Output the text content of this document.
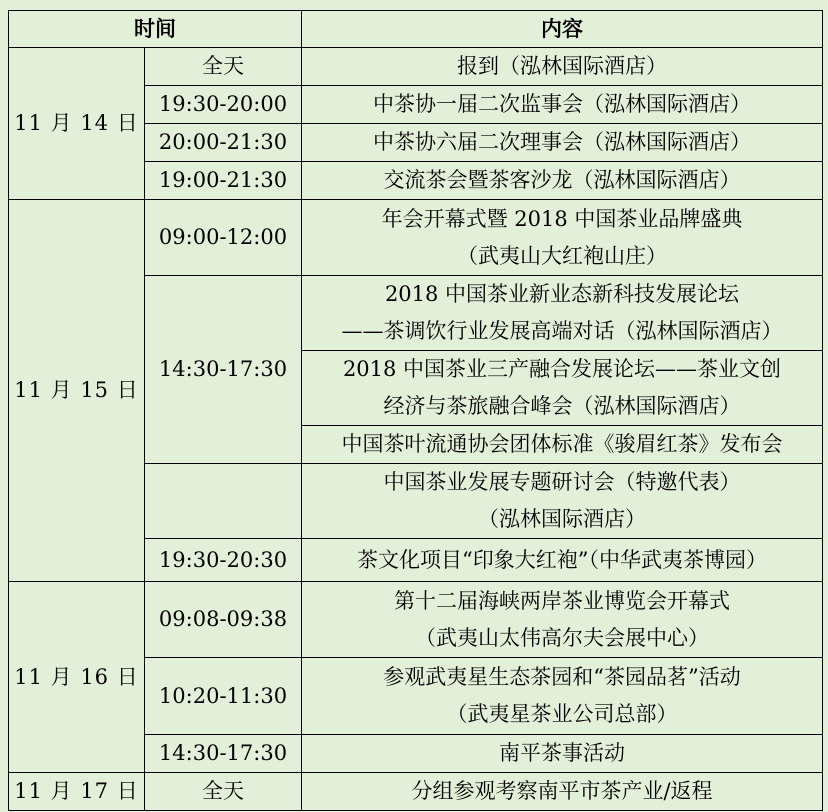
时间		内容
11 月 14 日	全天	报到（泓林国际酒店）

	19:30-20:00	中茶协一届二次监事会（泓林国际酒店）

	20:00-21:30	中茶协六届二次理事会（泓林国际酒店）

	19:00-21:30	交流茶会暨茶客沙龙（泓林国际酒店）

11 月 15 日	09:00-12:00	年会开幕式暨 2018 中国茶业品牌盛典
（武夷山大红袍山庄）

	14:30-17:30	2018 中国茶业新业态新科技发展论坛
——茶调饮行业发展高端对话（泓林国际酒店）

		2018 中国茶业三产融合发展论坛——茶业文创
经济与茶旅融合峰会（泓林国际酒店）

		中国茶叶流通协会团体标准《骏眉红茶》发布会

		中国茶业发展专题研讨会（特邀代表）
（泓林国际酒店）

	19:30-20:30	茶文化项目“印象大红袍”（中华武夷茶博园）

11 月 16 日	09:08-09:38	第十二届海峡两岸茶业博览会开幕式
（武夷山太伟高尔夫会展中心）

	10:20-11:30	参观武夷星生态茶园和“茶园品茗”活动
（武夷星茶业公司总部）

	14:30-17:30	南平茶事活动

11 月 17 日	全天	分组参观考察南平市茶产业/返程
